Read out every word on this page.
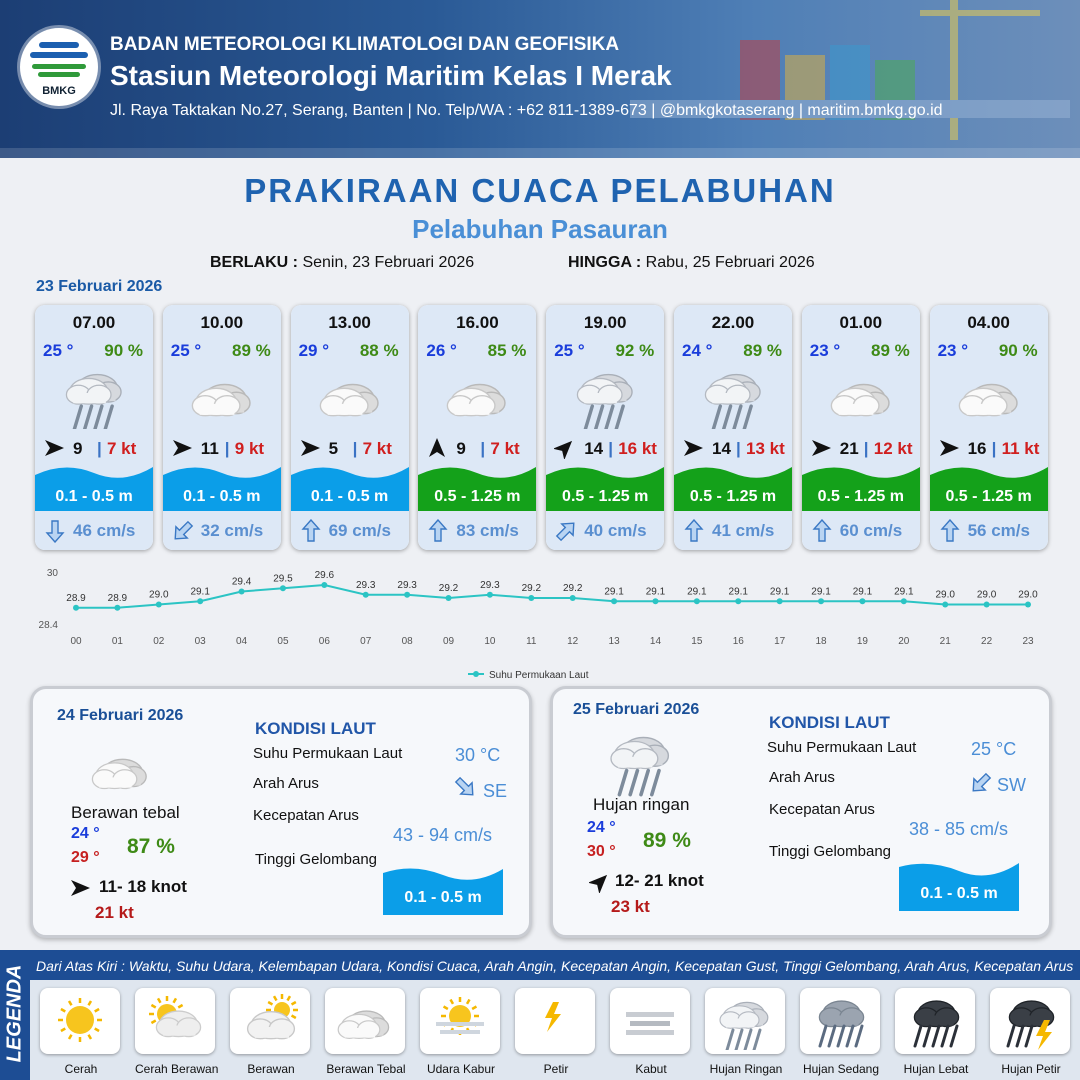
BMKG
BADAN METEOROLOGI KLIMATOLOGI DAN GEOFISIKA
Stasiun Meteorologi Maritim Kelas I Merak
Jl. Raya Taktakan No.27, Serang, Banten | No. Telp/WA : +62 811-1389-673 | @bmkgkotaserang | maritim.bmkg.go.id
PRAKIRAAN CUACA PELABUHAN
Pelabuhan Pasauran
BERLAKU : Senin, 23 Februari 2026	HINGGA : Rabu, 25 Februari 2026
23 Februari 2026
07.00
25 ° 90 %
9 | 7 kt
0.1 - 0.5 m
46 cm/s
10.00
25 ° 89 %
11 | 9 kt
0.1 - 0.5 m
32 cm/s
13.00
29 ° 88 %
5 | 7 kt
0.1 - 0.5 m
69 cm/s
16.00
26 ° 85 %
9 | 7 kt
0.5 - 1.25 m
83 cm/s
19.00
25 ° 92 %
14 | 16 kt
0.5 - 1.25 m
40 cm/s
22.00
24 ° 89 %
14 | 13 kt
0.5 - 1.25 m
41 cm/s
01.00
23 ° 89 %
21 | 12 kt
0.5 - 1.25 m
60 cm/s
04.00
23 ° 90 %
16 | 11 kt
0.5 - 1.25 m
56 cm/s
30
28.4
28.9
00
28.9
01
29.0
02
29.1
03
29.4
04
29.5
05
29.6
06
29.3
07
29.3
08
29.2
09
29.3
10
29.2
11
29.2
12
29.1
13
29.1
14
29.1
15
29.1
16
29.1
17
29.1
18
29.1
19
29.1
20
29.0
21
29.0
22
29.0
23
Suhu Permukaan Laut
24 Februari 2026
Berawan tebal
24 °
29 ° 87 %
11- 18 knot
21 kt
KONDISI LAUT
Suhu Permukaan Laut	30 °C
Arah Arus	SE
Kecepatan Arus
43 - 94 cm/s
Tinggi Gelombang
0.1 - 0.5 m
25 Februari 2026
Hujan ringan
24 °
30 ° 89 %
12- 21 knot
23 kt
KONDISI LAUT
Suhu Permukaan Laut	25 °C
Arah Arus	SW
Kecepatan Arus
38 - 85 cm/s
Tinggi Gelombang
0.1 - 0.5 m
LEGENDA Dari Atas Kiri : Waktu, Suhu Udara, Kelembapan Udara, Kondisi Cuaca, Arah Angin, Kecepatan Angin, Kecepatan Gust, Tinggi Gelombang, Arah Arus, Kecepatan Arus
Cerah	Cerah Berawan	Berawan	Berawan Tebal	Udara Kabur	Petir	Kabut	Hujan Ringan	Hujan Sedang	Hujan Lebat	Hujan Petir
